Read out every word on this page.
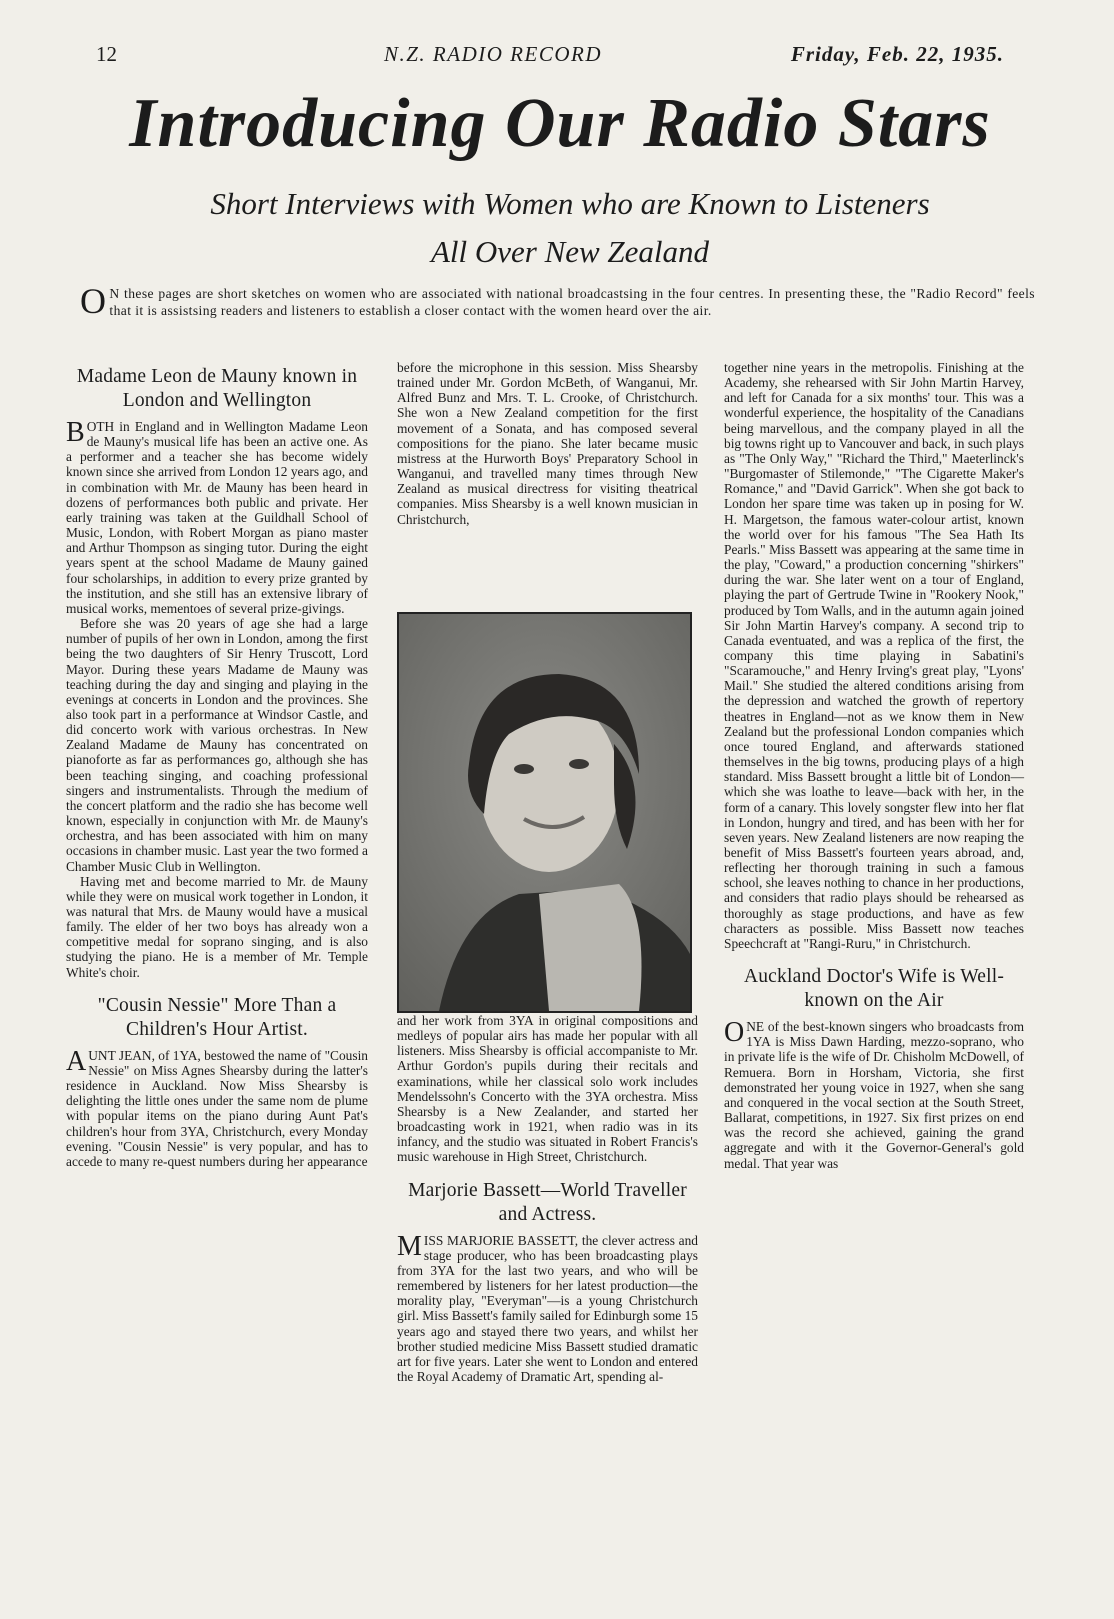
12	N.Z. RADIO RECORD	Friday, Feb. 22, 1935.
Introducing Our Radio Stars
Short Interviews with Women who are Known to Listeners
All Over New Zealand
O N these pages are short sketches on women who are associated with national broadcastsing in the four centres. In presenting these, the "Radio Record" feels that it is assistsing readers and listeners to establish a closer contact with the women heard over the air.
Madame Leon de Mauny known in London and Wellington

BOTH in England and in Wellington Madame Leon de Mauny's musical life has been an active one. As a performer and a teacher she has become widely known since she arrived from London 12 years ago, and in combination with Mr. de Mauny has been heard in dozens of performances both public and private. Her early training was taken at the Guildhall School of Music, London, with Robert Morgan as piano master and Arthur Thompson as singing tutor. During the eight years spent at the school Madame de Mauny gained four scholarships, in addition to every prize granted by the institution, and she still has an extensive library of musical works, mementoes of several prize-givings.

Before she was 20 years of age she had a large number of pupils of her own in London, among the first being the two daughters of Sir Henry Truscott, Lord Mayor. During these years Madame de Mauny was teaching during the day and singing and playing in the evenings at concerts in London and the provinces. She also took part in a performance at Windsor Castle, and did concerto work with various orchestras. In New Zealand Madame de Mauny has concentrated on pianoforte as far as performances go, although she has been teaching singing, and coaching professional singers and instrumentalists. Through the medium of the concert platform and the radio she has become well known, especially in conjunction with Mr. de Mauny's orchestra, and has been associated with him on many occasions in chamber music. Last year the two formed a Chamber Music Club in Wellington.

Having met and become married to Mr. de Mauny while they were on musical work together in London, it was natural that Mrs. de Mauny would have a musical family. The elder of her two boys has already won a competitive medal for soprano singing, and is also studying the piano. He is a member of Mr. Temple White's choir.

"Cousin Nessie" More Than a Children's Hour Artist.

AUNT JEAN, of 1YA, bestowed the name of "Cousin Nessie" on Miss Agnes Shearsby during the latter's residence in Auckland. Now Miss Shearsby is delighting the little ones under the same nom de plume with popular items on the piano during Aunt Pat's children's hour from 3YA, Christchurch, every Monday evening. "Cousin Nessie" is very popular, and has to accede to many re-quest numbers during her appearance

before the microphone in this session. Miss Shearsby trained under Mr. Gordon McBeth, of Wanganui, Mr. Alfred Bunz and Mrs. T. L. Crooke, of Christchurch. She won a New Zealand competition for the first movement of a Sonata, and has composed several compositions for the piano. She later became music mistress at the Hurworth Boys' Preparatory School in Wanganui, and travelled many times through New Zealand as musical directress for visiting theatrical companies. Miss Shearsby is a well known musician in Christchurch,

and her work from 3YA in original compositions and medleys of popular airs has made her popular with all listeners. Miss Shearsby is official accompaniste to Mr. Arthur Gordon's pupils during their recitals and examinations, while her classical solo work includes Mendelssohn's Concerto with the 3YA orchestra. Miss Shearsby is a New Zealander, and started her broadcasting work in 1921, when radio was in its infancy, and the studio was situated in Robert Francis's music warehouse in High Street, Christchurch.

Marjorie Bassett—World Traveller and Actress.

MISS MARJORIE BASSETT, the clever actress and stage producer, who has been broadcasting plays from 3YA for the last two years, and who will be remembered by listeners for her latest production—the morality play, "Everyman"—is a young Christchurch girl. Miss Bassett's family sailed for Edinburgh some 15 years ago and stayed there two years, and whilst her brother studied medicine Miss Bassett studied dramatic art for five years. Later she went to London and entered the Royal Academy of Dramatic Art, spending al-

together nine years in the metropolis. Finishing at the Academy, she rehearsed with Sir John Martin Harvey, and left for Canada for a six months' tour. This was a wonderful experience, the hospitality of the Canadians being marvellous, and the company played in all the big towns right up to Vancouver and back, in such plays as "The Only Way," "Richard the Third," Maeterlinck's "Burgomaster of Stilemonde," "The Cigarette Maker's Romance," and "David Garrick". When she got back to London her spare time was taken up in posing for W. H. Margetson, the famous water-colour artist, known the world over for his famous "The Sea Hath Its Pearls." Miss Bassett was appearing at the same time in the play, "Coward," a production concerning "shirkers" during the war. She later went on a tour of England, playing the part of Gertrude Twine in "Rookery Nook," produced by Tom Walls, and in the autumn again joined Sir John Martin Harvey's company. A second trip to Canada eventuated, and was a replica of the first, the company this time playing in Sabatini's "Scaramouche," and Henry Irving's great play, "Lyons' Mail." She studied the altered conditions arising from the depression and watched the growth of repertory theatres in England—not as we know them in New Zealand but the professional London companies which once toured England, and afterwards stationed themselves in the big towns, producing plays of a high standard. Miss Bassett brought a little bit of London—which she was loathe to leave—back with her, in the form of a canary. This lovely songster flew into her flat in London, hungry and tired, and has been with her for seven years. New Zealand listeners are now reaping the benefit of Miss Bassett's fourteen years abroad, and, reflecting her thorough training in such a famous school, she leaves nothing to chance in her productions, and considers that radio plays should be rehearsed as thoroughly as stage productions, and have as few characters as possible. Miss Bassett now teaches Speechcraft at "Rangi-Ruru," in Christchurch.

Auckland Doctor's Wife is Well-known on the Air

ONE of the best-known singers who broadcasts from 1YA is Miss Dawn Harding, mezzo-soprano, who in private life is the wife of Dr. Chisholm McDowell, of Remuera. Born in Horsham, Victoria, she first demonstrated her young voice in 1927, when she sang and conquered in the vocal section at the South Street, Ballarat, competitions, in 1927. Six first prizes on end was the record she achieved, gaining the grand aggregate and with it the Governor-General's gold medal. That year was
